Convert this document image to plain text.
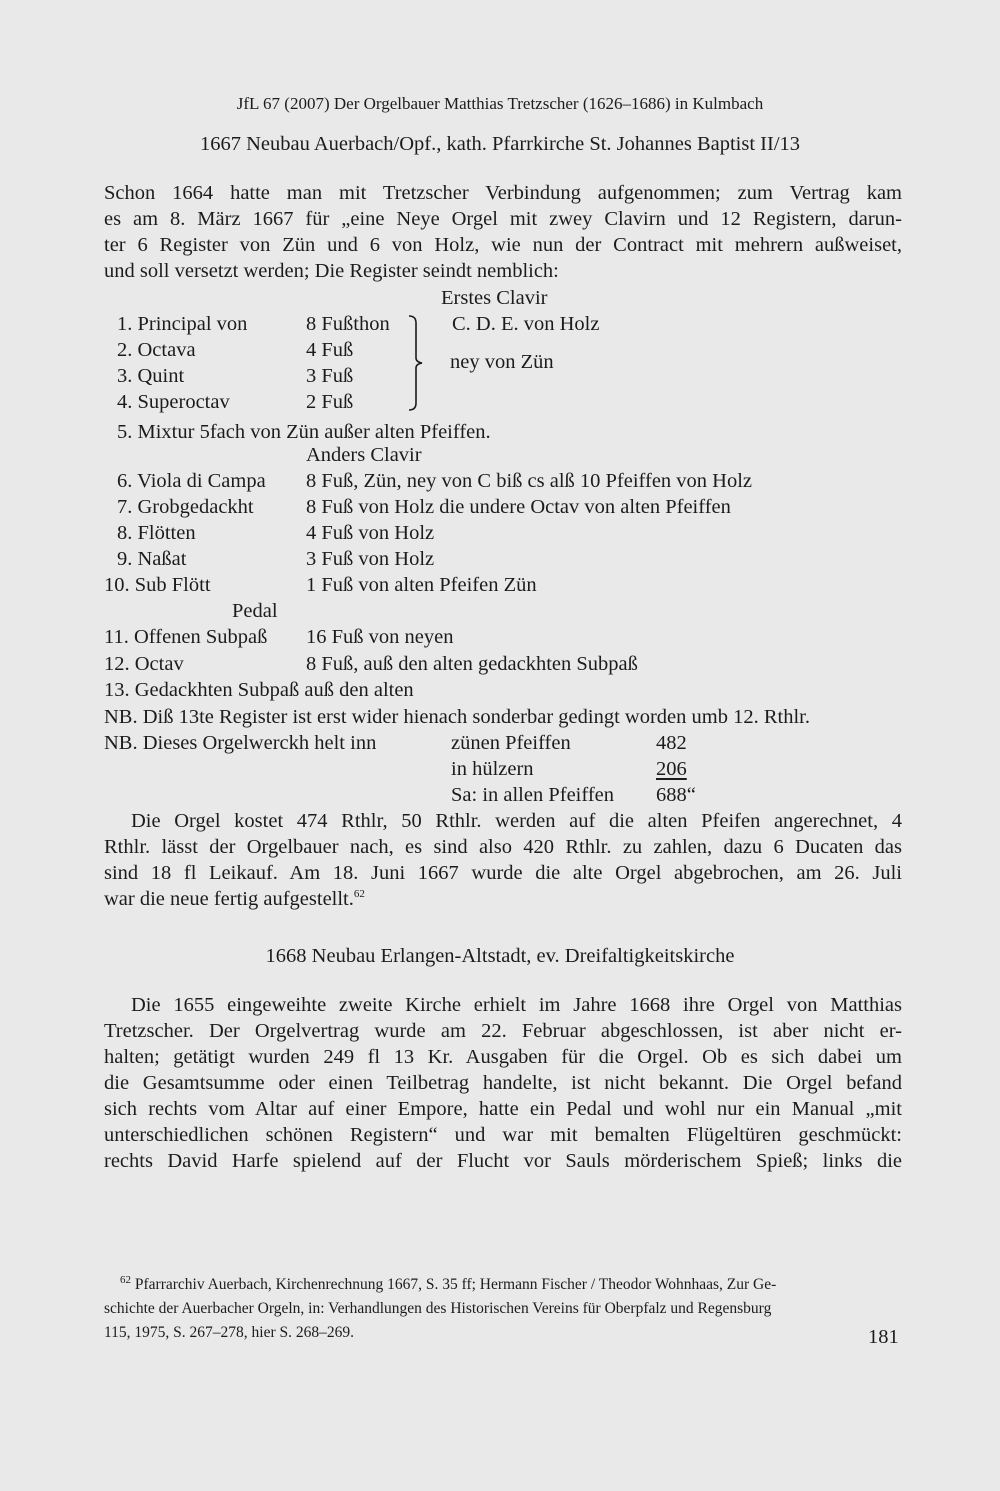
JfL 67 (2007) Der Orgelbauer Matthias Tretzscher (1626–1686) in Kulmbach
1667 Neubau Auerbach/Opf., kath. Pfarrkirche St. Johannes Baptist II/13
Schon 1664 hatte man mit Tretzscher Verbindung aufgenommen; zum Vertrag kam
es am 8. März 1667 für „eine Neye Orgel mit zwey Clavirn und 12 Registern, darun-
ter 6 Register von Zün und 6 von Holz, wie nun der Contract mit mehrern außweiset,
und soll versetzt werden; Die Register seindt nemblich:
Erstes Clavir
1. Principal von	8 Fußthon
2. Octava	4 Fuß
3. Quint	3 Fuß
4. Superoctav	2 Fuß
C. D. E. von Holz
ney von Zün
5. Mixtur 5fach von Zün außer alten Pfeiffen.
Anders Clavir
6. Viola di Campa 8 Fuß, Zün, ney von C biß cs alß 10 Pfeiffen von Holz
7. Grobgedackht	8 Fuß von Holz die undere Octav von alten Pfeiffen
8. Flötten	4 Fuß von Holz
9. Naßat	3 Fuß von Holz
10. Sub Flött	1 Fuß von alten Pfeifen Zün
Pedal
11. Offenen Subpaß 16 Fuß von neyen
12. Octav	8 Fuß, auß den alten gedackhten Subpaß
13. Gedackhten Subpaß auß den alten
NB. Diß 13te Register ist erst wider hienach sonderbar gedingt worden umb 12. Rthlr.
NB. Dieses Orgelwerckh helt inn	zünen Pfeiffen	482
in hülzern	206
Sa: in allen Pfeiffen 688“
Die Orgel kostet 474 Rthlr, 50 Rthlr. werden auf die alten Pfeifen angerechnet, 4
Rthlr. lässt der Orgelbauer nach, es sind also 420 Rthlr. zu zahlen, dazu 6 Ducaten das
sind 18 fl Leikauf. Am 18. Juni 1667 wurde die alte Orgel abgebrochen, am 26. Juli
war die neue fertig aufgestellt.$^{62}$
1668 Neubau Erlangen-Altstadt, ev. Dreifaltigkeitskirche
Die 1655 eingeweihte zweite Kirche erhielt im Jahre 1668 ihre Orgel von Matthias
Tretzscher. Der Orgelvertrag wurde am 22. Februar abgeschlossen, ist aber nicht er-
halten; getätigt wurden 249 fl 13 Kr. Ausgaben für die Orgel. Ob es sich dabei um
die Gesamtsumme oder einen Teilbetrag handelte, ist nicht bekannt. Die Orgel befand
sich rechts vom Altar auf einer Empore, hatte ein Pedal und wohl nur ein Manual „mit
unterschiedlichen schönen Registern“ und war mit bemalten Flügeltüren geschmückt:
rechts David Harfe spielend auf der Flucht vor Sauls mörderischem Spieß; links die
$^{62}$ Pfarrarchiv Auerbach, Kirchenrechnung 1667, S. 35 ff; Hermann Fischer / Theodor Wohnhaas, Zur Ge-
schichte der Auerbacher Orgeln, in: Verhandlungen des Historischen Vereins für Oberpfalz und Regensburg
115, 1975, S. 267–278, hier S. 268–269.	181
